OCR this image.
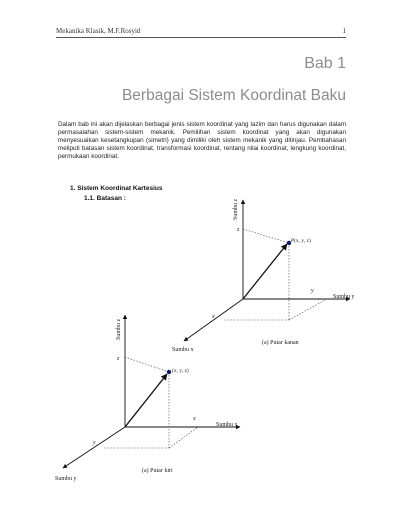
Mekanika Klasik, M.F.Rosyid	1
Bab 1
Berbagai Sistem Koordinat Baku
Dalam bab ini akan dijelaskan berbagai jenis sistem koordinat yang lazim dan harus digunakan dalam permasalahan sistem-sistem mekanik. Pemilihan sistem koordinat yang akan digunakan menyesuaikan kesetangkupan (simetri) yang dimiliki oleh sistem mekanik yang ditinjau. Pembahasan meliputi batasan sistem koordinat, transformasi koordinat, rentang nilai koordinat, lengkung koordinat, permukaan koordinat.
1. Sistem Koordinat Kartesius
1.1. Batasan :
Sumbu z
z
P(x, y, z)
y
Sumbu y
x
Sumbu x
(a) Putar kanan
Sumbu z
z
(x, y, z)
x
Sumbu x
y
Sumbu y
(a) Putar kiri
